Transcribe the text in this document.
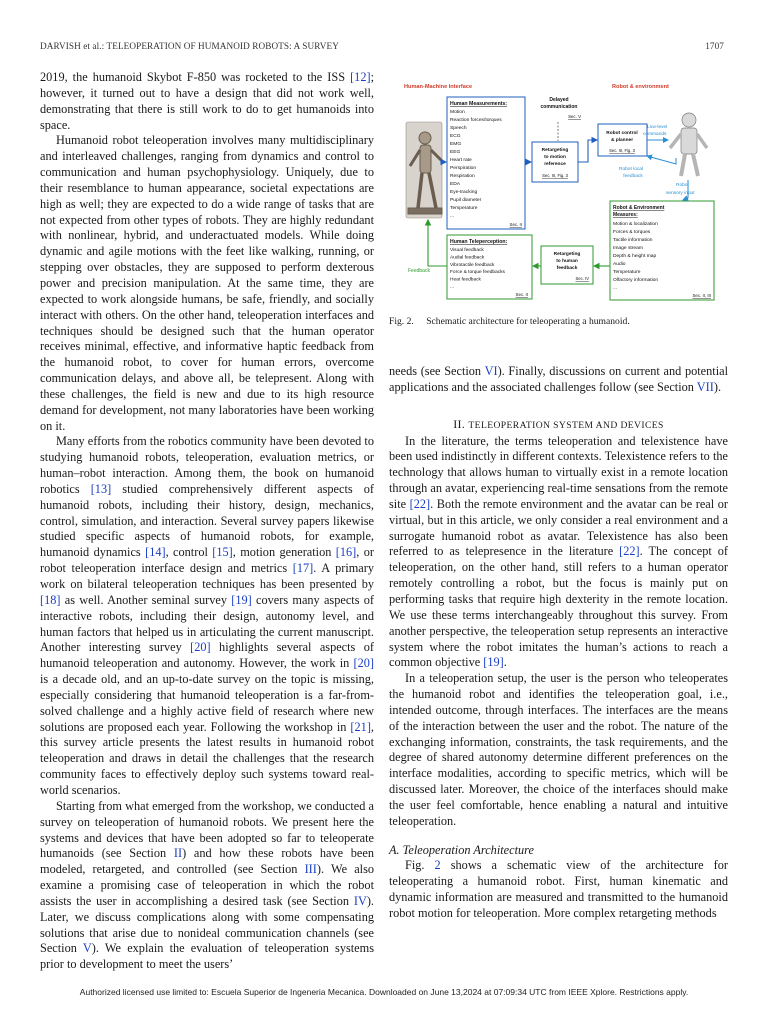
DARVISH et al.: TELEOPERATION OF HUMANOID ROBOTS: A SURVEY	1707

2019, the humanoid Skybot F-850 was rocketed to the ISS [12]; however, it turned out to have a design that did not work well, demonstrating that there is still work to do to get humanoids into space.

Humanoid robot teleoperation involves many multidisciplinary and interleaved challenges, ranging from dynamics and control to communication and human psychophysiology. Uniquely, due to their resemblance to human appearance, societal expectations are high as well; they are expected to do a wide range of tasks that are not expected from other types of robots. They are highly redundant with nonlinear, hybrid, and underactuated models. While doing dynamic and agile motions with the feet like walking, running, or stepping over obstacles, they are supposed to perform dexterous power and precision manipulation. At the same time, they are expected to work alongside humans, be safe, friendly, and socially interact with others. On the other hand, teleoperation interfaces and techniques should be designed such that the human operator receives minimal, effective, and informative haptic feedback from the humanoid robot, to cover for human errors, overcome communication delays, and above all, be telepresent. Along with these challenges, the field is new and due to its high resource demand for development, not many laboratories have been working on it.

Many efforts from the robotics community have been devoted to studying humanoid robots, teleoperation, evaluation metrics, or human–robot interaction. Among them, the book on humanoid robotics [13] studied comprehensively different aspects of humanoid robots, including their history, design, mechanics, control, simulation, and interaction. Several survey papers likewise studied specific aspects of humanoid robots, for example, humanoid dynamics [14], control [15], motion generation [16], or robot teleoperation interface design and metrics [17]. A primary work on bilateral teleoperation techniques has been presented by [18] as well. Another seminal survey [19] covers many aspects of interactive robots, including their design, autonomy level, and human factors that helped us in articulating the current manuscript. Another interesting survey [20] highlights several aspects of humanoid teleoperation and autonomy. However, the work in [20] is a decade old, and an up-to-date survey on the topic is missing, especially considering that humanoid teleoperation is a far-from-solved challenge and a highly active field of research where new solutions are proposed each year. Following the workshop in [21], this survey article presents the latest results in humanoid robot teleoperation and draws in detail the challenges that the research community faces to effectively deploy such systems toward real-world scenarios.

Starting from what emerged from the workshop, we conducted a survey on teleoperation of humanoid robots. We present here the systems and devices that have been adopted so far to teleoperate humanoids (see Section II) and how these robots have been modeled, retargeted, and controlled (see Section III). We also examine a promising case of teleoperation in which the robot assists the user in accomplishing a desired task (see Section IV). Later, we discuss complications along with some compensating solutions that arise due to nonideal communication channels (see Section V). We explain the evaluation of teleoperation systems prior to development to meet the users’

Human-Machine Interface	Robot & environment
Human Measurements:
Motion
Reaction forces/torques
Speech
ECG
EMG
EEG
Heart rate
Perspiration
Respiration
EDA
Eye-tracking
Pupil diameter
Temperature
...
Sec. II
Delayed
communication
Sec. V
Retargeting
to motion
reference
Sec. III, Fig. 3
Robot control
& planner
Sec. III, Fig. 3
Low-level
commands
Robot local
feedback
Robot
sensory input
Robot & Environment
Measures:
Motion & localization
Forces & torques
Tactile information
Image stream
Depth & height map
Audio
Temperature
Olfactory information
...
Sec. II, III
Human Teleperception:
Visual feedback
Audial feedback
Vibrotactile feedback
Force & torque feedbacks
Heat feedback
...
Sec. II
Retargeting
to human
feedback
Sec. IV
Feedback
Fig. 2. Schematic architecture for teleoperating a humanoid.

needs (see Section VI). Finally, discussions on current and potential applications and the associated challenges follow (see Section VII).

II. TELEOPERATION SYSTEM AND DEVICES

In the literature, the terms teleoperation and telexistence have been used indistinctly in different contexts. Telexistence refers to the technology that allows human to virtually exist in a remote location through an avatar, experiencing real-time sensations from the remote site [22]. Both the remote environment and the avatar can be real or virtual, but in this article, we only consider a real environment and a surrogate humanoid robot as avatar. Telexistence has also been referred to as telepresence in the literature [22]. The concept of teleoperation, on the other hand, still refers to a human operator remotely controlling a robot, but the focus is mainly put on performing tasks that require high dexterity in the remote location. We use these terms interchangeably throughout this survey. From another perspective, the teleoperation setup represents an interactive system where the robot imitates the human’s actions to reach a common objective [19].

In a teleoperation setup, the user is the person who teleoperates the humanoid robot and identifies the teleoperation goal, i.e., intended outcome, through interfaces. The interfaces are the means of the interaction between the user and the robot. The nature of the exchanging information, constraints, the task requirements, and the degree of shared autonomy determine different preferences on the interface modalities, according to specific metrics, which will be discussed later. Moreover, the choice of the interfaces should make the user feel comfortable, hence enabling a natural and intuitive teleoperation.

A. Teleoperation Architecture

Fig. 2 shows a schematic view of the architecture for teleoperating a humanoid robot. First, human kinematic and dynamic information are measured and transmitted to the humanoid robot motion for teleoperation. More complex retargeting methods

Authorized licensed use limited to: Escuela Superior de Ingeneria Mecanica. Downloaded on June 13,2024 at 07:09:34 UTC from IEEE Xplore. Restrictions apply.
